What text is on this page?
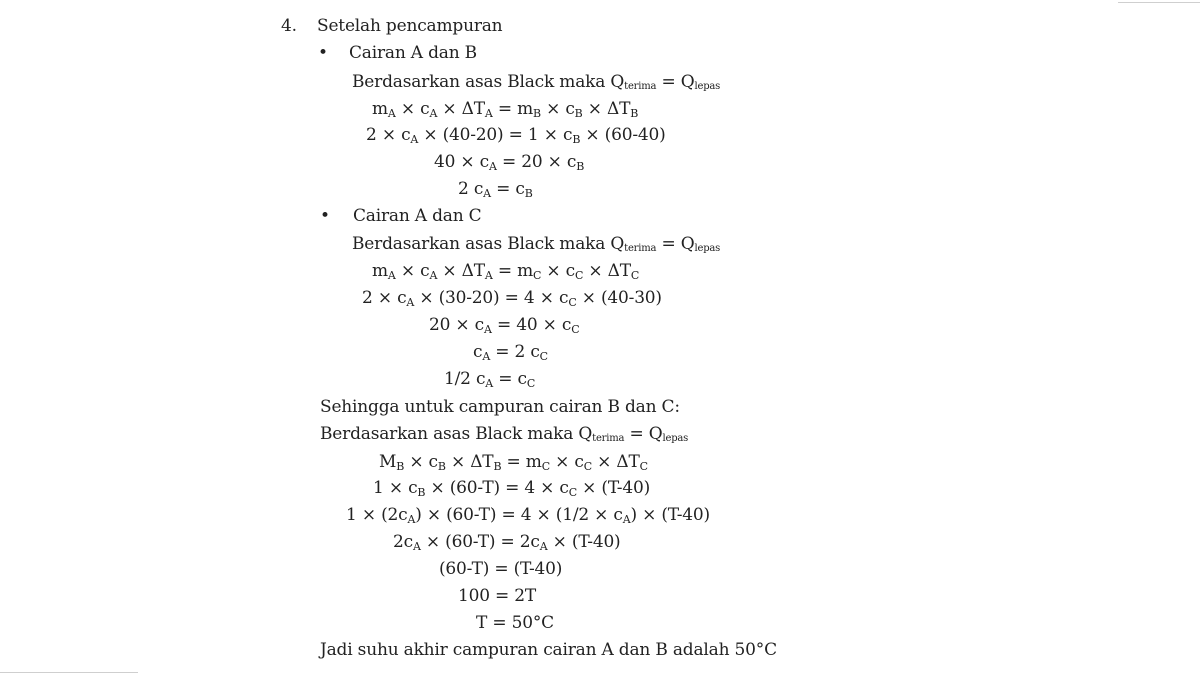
4. Setelah pencampuran
• Cairan A dan B
Berdasarkan asas Black maka $Q_{terima} = Q_{lepas}$
$m_A \times c_A \times \Delta T_A = m_B \times c_B \times \Delta T_B$
$2 \times c_A \times (40-20) = 1 \times c_B \times (60-40)$
$40 \times c_A = 20 \times c_B$
2 $c_A = c_B$
• Cairan A dan C
Berdasarkan asas Black maka $Q_{terima} = Q_{lepas}$
$m_A \times c_A \times \Delta T_A = m_C \times c_C \times \Delta T_C$
$2 \times c_A \times (30-20) = 4 \times c_C \times (40-30)$
$20 \times c_A = 40 \times c_C$
$c_A = 2$ $c_C$
1/2 $c_A = c_C$
Sehingga untuk campuran cairan B dan C:
Berdasarkan asas Black maka $Q_{terima} = Q_{lepas}$
$M_B \times c_B \times \Delta T_B = m_C \times c_C \times \Delta T_C$
$1 \times c_B \times (60-T) = 4 \times c_C \times (T-40)$
$1 \times (2c_A) \times (60-T) = 4 \times (1/2 \times c_A) \times (T-40)$
$2c_A \times (60-T) = 2c_A \times (T-40)$
(60-T) = (T-40)
100 = 2T
T = 50°C
Jadi suhu akhir campuran cairan A dan B adalah 50°C
